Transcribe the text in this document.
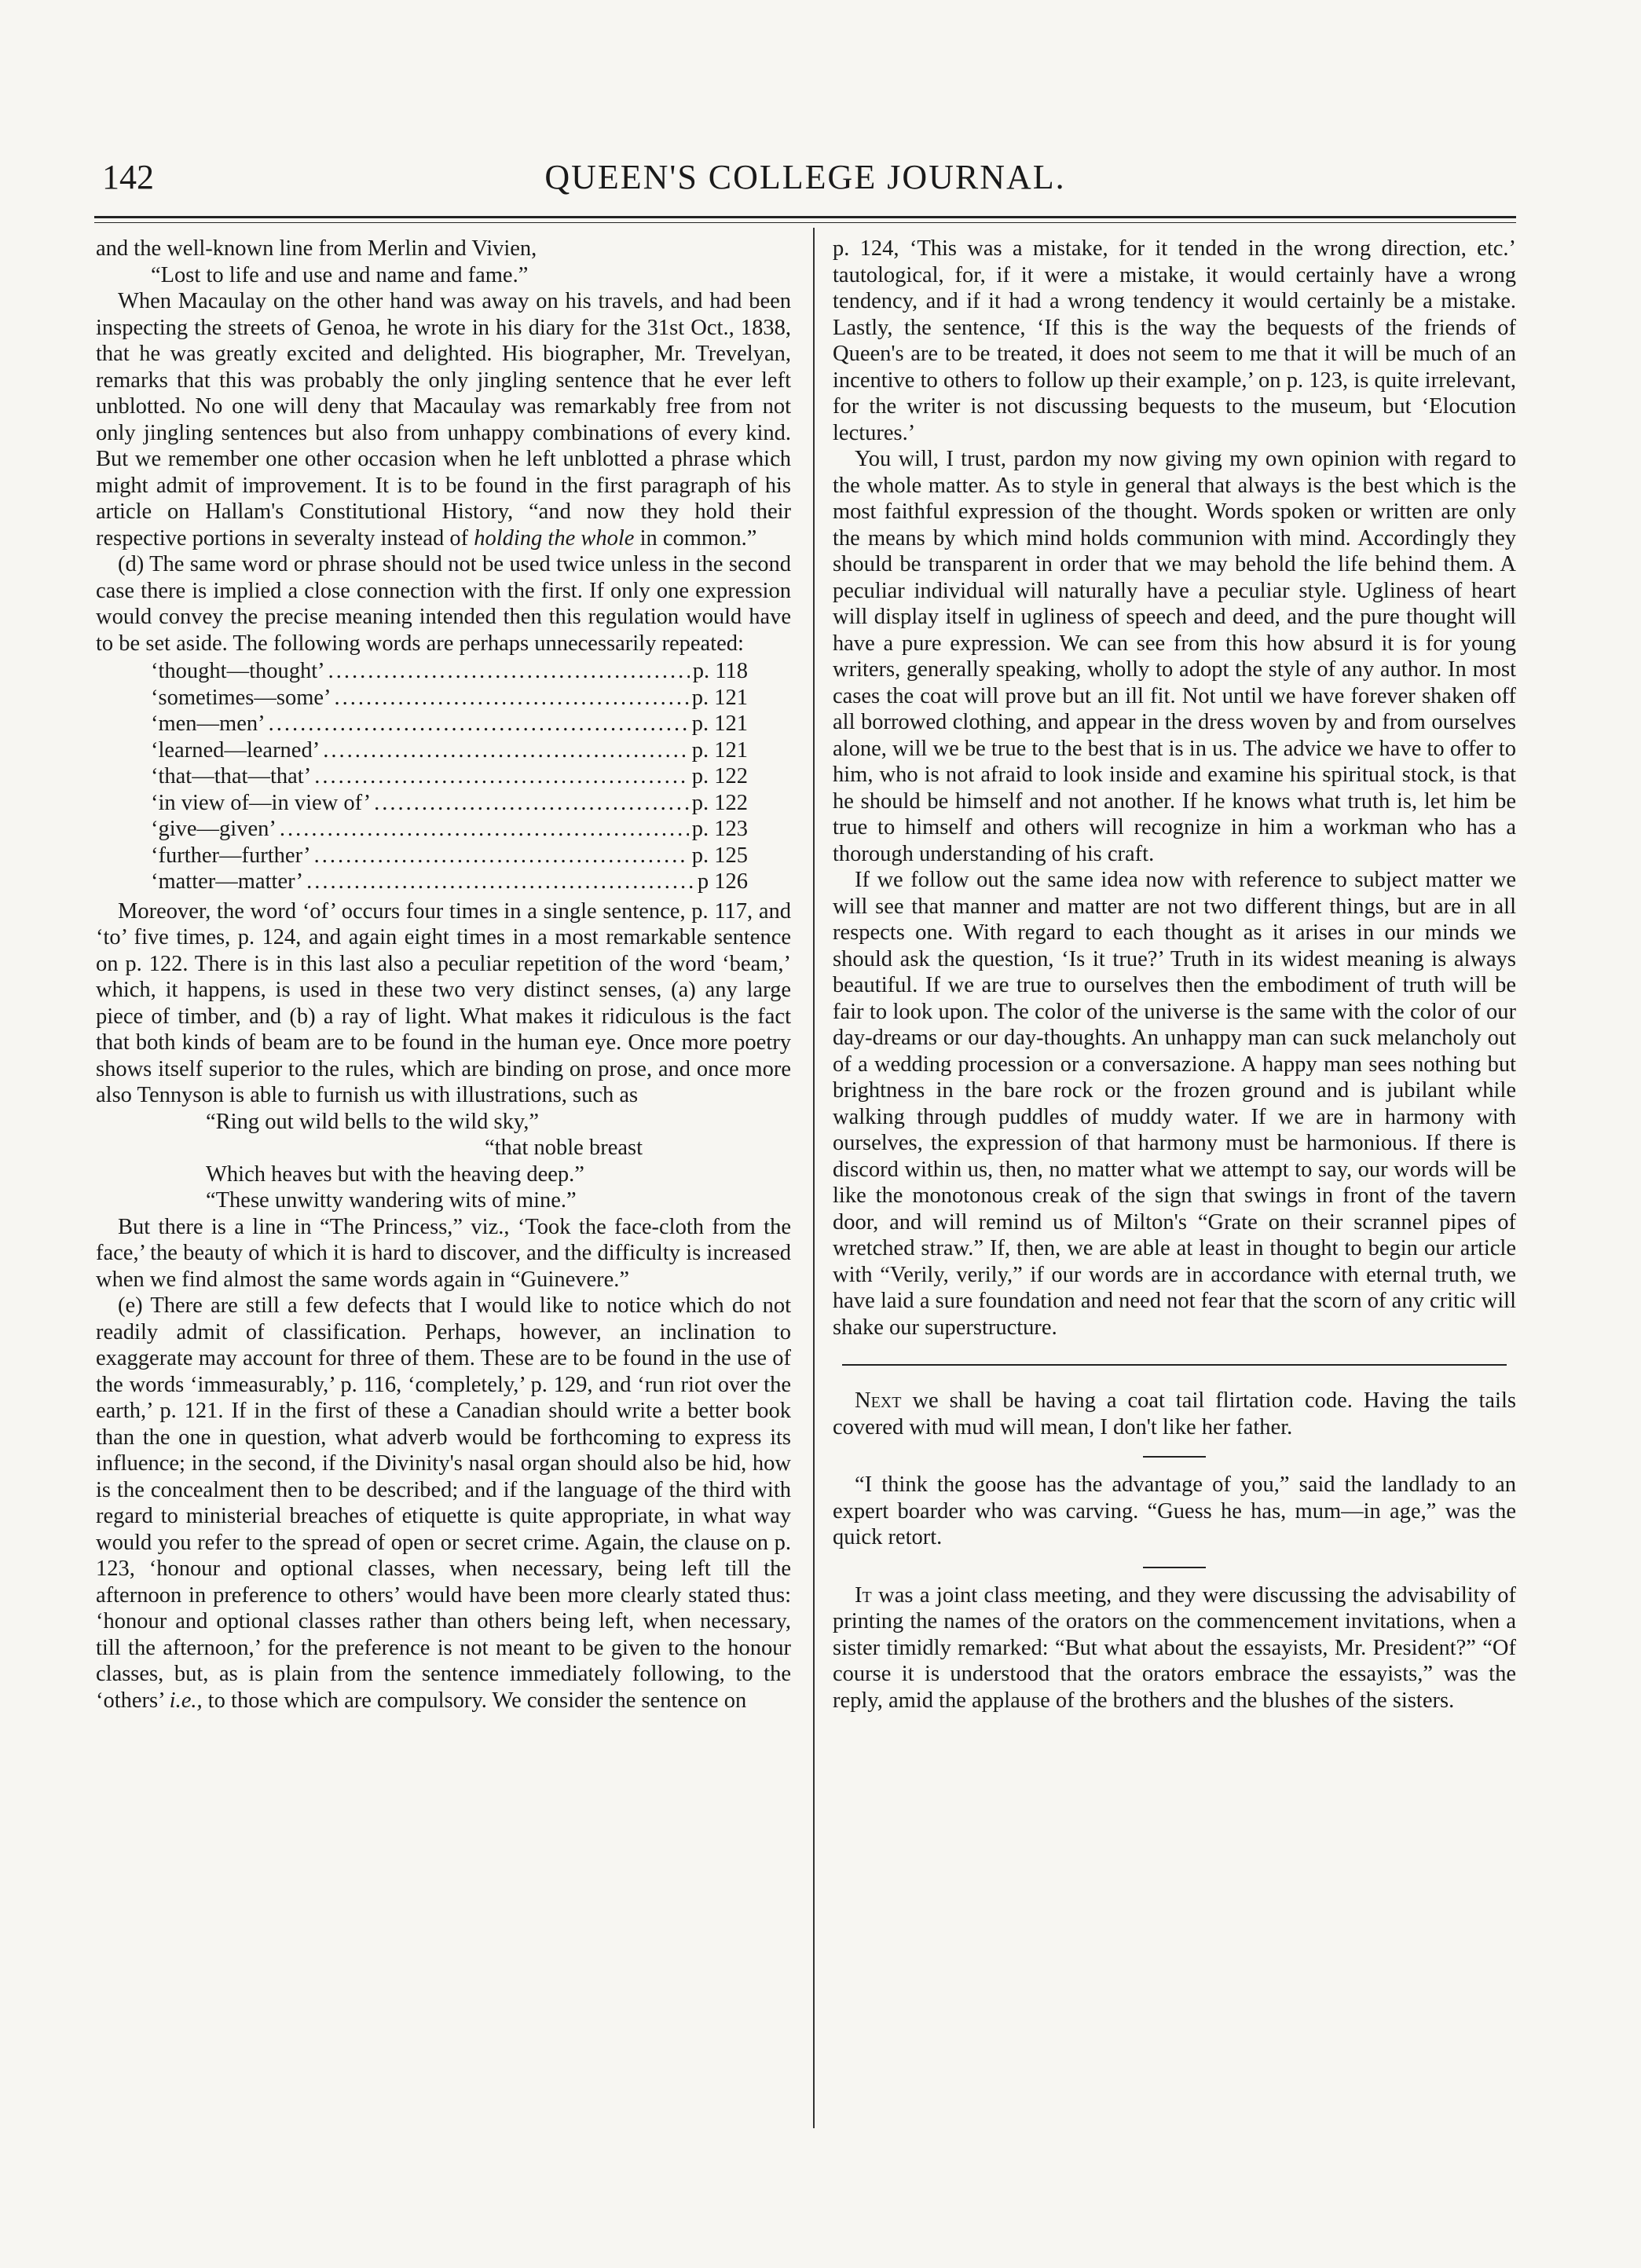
142	QUEEN'S COLLEGE JOURNAL.

and the well-known line from Merlin and Vivien,

“Lost to life and use and name and fame.”

When Macaulay on the other hand was away on his travels, and had been inspecting the streets of Genoa, he wrote in his diary for the 31st Oct., 1838, that he was greatly excited and delighted. His biographer, Mr. Trevelyan, remarks that this was probably the only jingling sentence that he ever left unblotted. No one will deny that Macaulay was remarkably free from not only jingling sentences but also from unhappy combinations of every kind. But we remember one other occasion when he left unblotted a phrase which might admit of improvement. It is to be found in the first paragraph of his article on Hallam's Constitutional History, “and now they hold their respective portions in severalty instead of holding the whole in common.”

(d) The same word or phrase should not be used twice unless in the second case there is implied a close connection with the first. If only one expression would convey the precise meaning intended then this regulation would have to be set aside. The following words are perhaps unnecessarily repeated:

‘thought—thought’ .....	p. 118
‘sometimes—some’ .....	p. 121
‘men—men’ .....	p. 121
‘learned—learned’ .....	p. 121
‘that—that—that’ .....	p. 122
‘in view of—in view of’ .....	p. 122
‘give—given’ .....	p. 123
‘further—further’ .....	p. 125
‘matter—matter’ .....	p 126

Moreover, the word ‘of’ occurs four times in a single sentence, p. 117, and ‘to’ five times, p. 124, and again eight times in a most remarkable sentence on p. 122. There is in this last also a peculiar repetition of the word ‘beam,’ which, it happens, is used in these two very distinct senses, (a) any large piece of timber, and (b) a ray of light. What makes it ridiculous is the fact that both kinds of beam are to be found in the human eye. Once more poetry shows itself superior to the rules, which are binding on prose, and once more also Tennyson is able to furnish us with illustrations, such as

“Ring out wild bells to the wild sky,”
“that noble breast
Which heaves but with the heaving deep.”
“These unwitty wandering wits of mine.”

But there is a line in “The Princess,” viz., ‘Took the face-cloth from the face,’ the beauty of which it is hard to discover, and the difficulty is increased when we find almost the same words again in “Guinevere.”

(e) There are still a few defects that I would like to notice which do not readily admit of classification. Perhaps, however, an inclination to exaggerate may account for three of them. These are to be found in the use of the words ‘immeasurably,’ p. 116, ‘completely,’ p. 129, and ‘run riot over the earth,’ p. 121. If in the first of these a Canadian should write a better book than the one in question, what adverb would be forthcoming to express its influence; in the second, if the Divinity's nasal organ should also be hid, how is the concealment then to be described; and if the language of the third with regard to ministerial breaches of etiquette is quite appropriate, in what way would you refer to the spread of open or secret crime. Again, the clause on p. 123, ‘honour and optional classes, when necessary, being left till the afternoon in preference to others’ would have been more clearly stated thus: ‘honour and optional classes rather than others being left, when necessary, till the afternoon,’ for the preference is not meant to be given to the honour classes, but, as is plain from the sentence immediately following, to the ‘others’ i.e., to those which are compulsory. We consider the sentence on

p. 124, ‘This was a mistake, for it tended in the wrong direction, etc.’ tautological, for, if it were a mistake, it would certainly have a wrong tendency, and if it had a wrong tendency it would certainly be a mistake. Lastly, the sentence, ‘If this is the way the bequests of the friends of Queen's are to be treated, it does not seem to me that it will be much of an incentive to others to follow up their example,’ on p. 123, is quite irrelevant, for the writer is not discussing bequests to the museum, but ‘Elocution lectures.’

You will, I trust, pardon my now giving my own opinion with regard to the whole matter. As to style in general that always is the best which is the most faithful expression of the thought. Words spoken or written are only the means by which mind holds communion with mind. Accordingly they should be transparent in order that we may behold the life behind them. A peculiar individual will naturally have a peculiar style. Ugliness of heart will display itself in ugliness of speech and deed, and the pure thought will have a pure expression. We can see from this how absurd it is for young writers, generally speaking, wholly to adopt the style of any author. In most cases the coat will prove but an ill fit. Not until we have forever shaken off all borrowed clothing, and appear in the dress woven by and from ourselves alone, will we be true to the best that is in us. The advice we have to offer to him, who is not afraid to look inside and examine his spiritual stock, is that he should be himself and not another. If he knows what truth is, let him be true to himself and others will recognize in him a workman who has a thorough understanding of his craft.

If we follow out the same idea now with reference to subject matter we will see that manner and matter are not two different things, but are in all respects one. With regard to each thought as it arises in our minds we should ask the question, ‘Is it true?’ Truth in its widest meaning is always beautiful. If we are true to ourselves then the embodiment of truth will be fair to look upon. The color of the universe is the same with the color of our day-dreams or our day-thoughts. An unhappy man can suck melancholy out of a wedding procession or a conversazione. A happy man sees nothing but brightness in the bare rock or the frozen ground and is jubilant while walking through puddles of muddy water. If we are in harmony with ourselves, the expression of that harmony must be harmonious. If there is discord within us, then, no matter what we attempt to say, our words will be like the monotonous creak of the sign that swings in front of the tavern door, and will remind us of Milton's “Grate on their scrannel pipes of wretched straw.” If, then, we are able at least in thought to begin our article with “Verily, verily,” if our words are in accordance with eternal truth, we have laid a sure foundation and need not fear that the scorn of any critic will shake our superstructure.

Next we shall be having a coat tail flirtation code. Having the tails covered with mud will mean, I don't like her father.

“I think the goose has the advantage of you,” said the landlady to an expert boarder who was carving. “Guess he has, mum—in age,” was the quick retort.

It was a joint class meeting, and they were discussing the advisability of printing the names of the orators on the commencement invitations, when a sister timidly remarked: “But what about the essayists, Mr. President?” “Of course it is understood that the orators embrace the essayists,” was the reply, amid the applause of the brothers and the blushes of the sisters.
